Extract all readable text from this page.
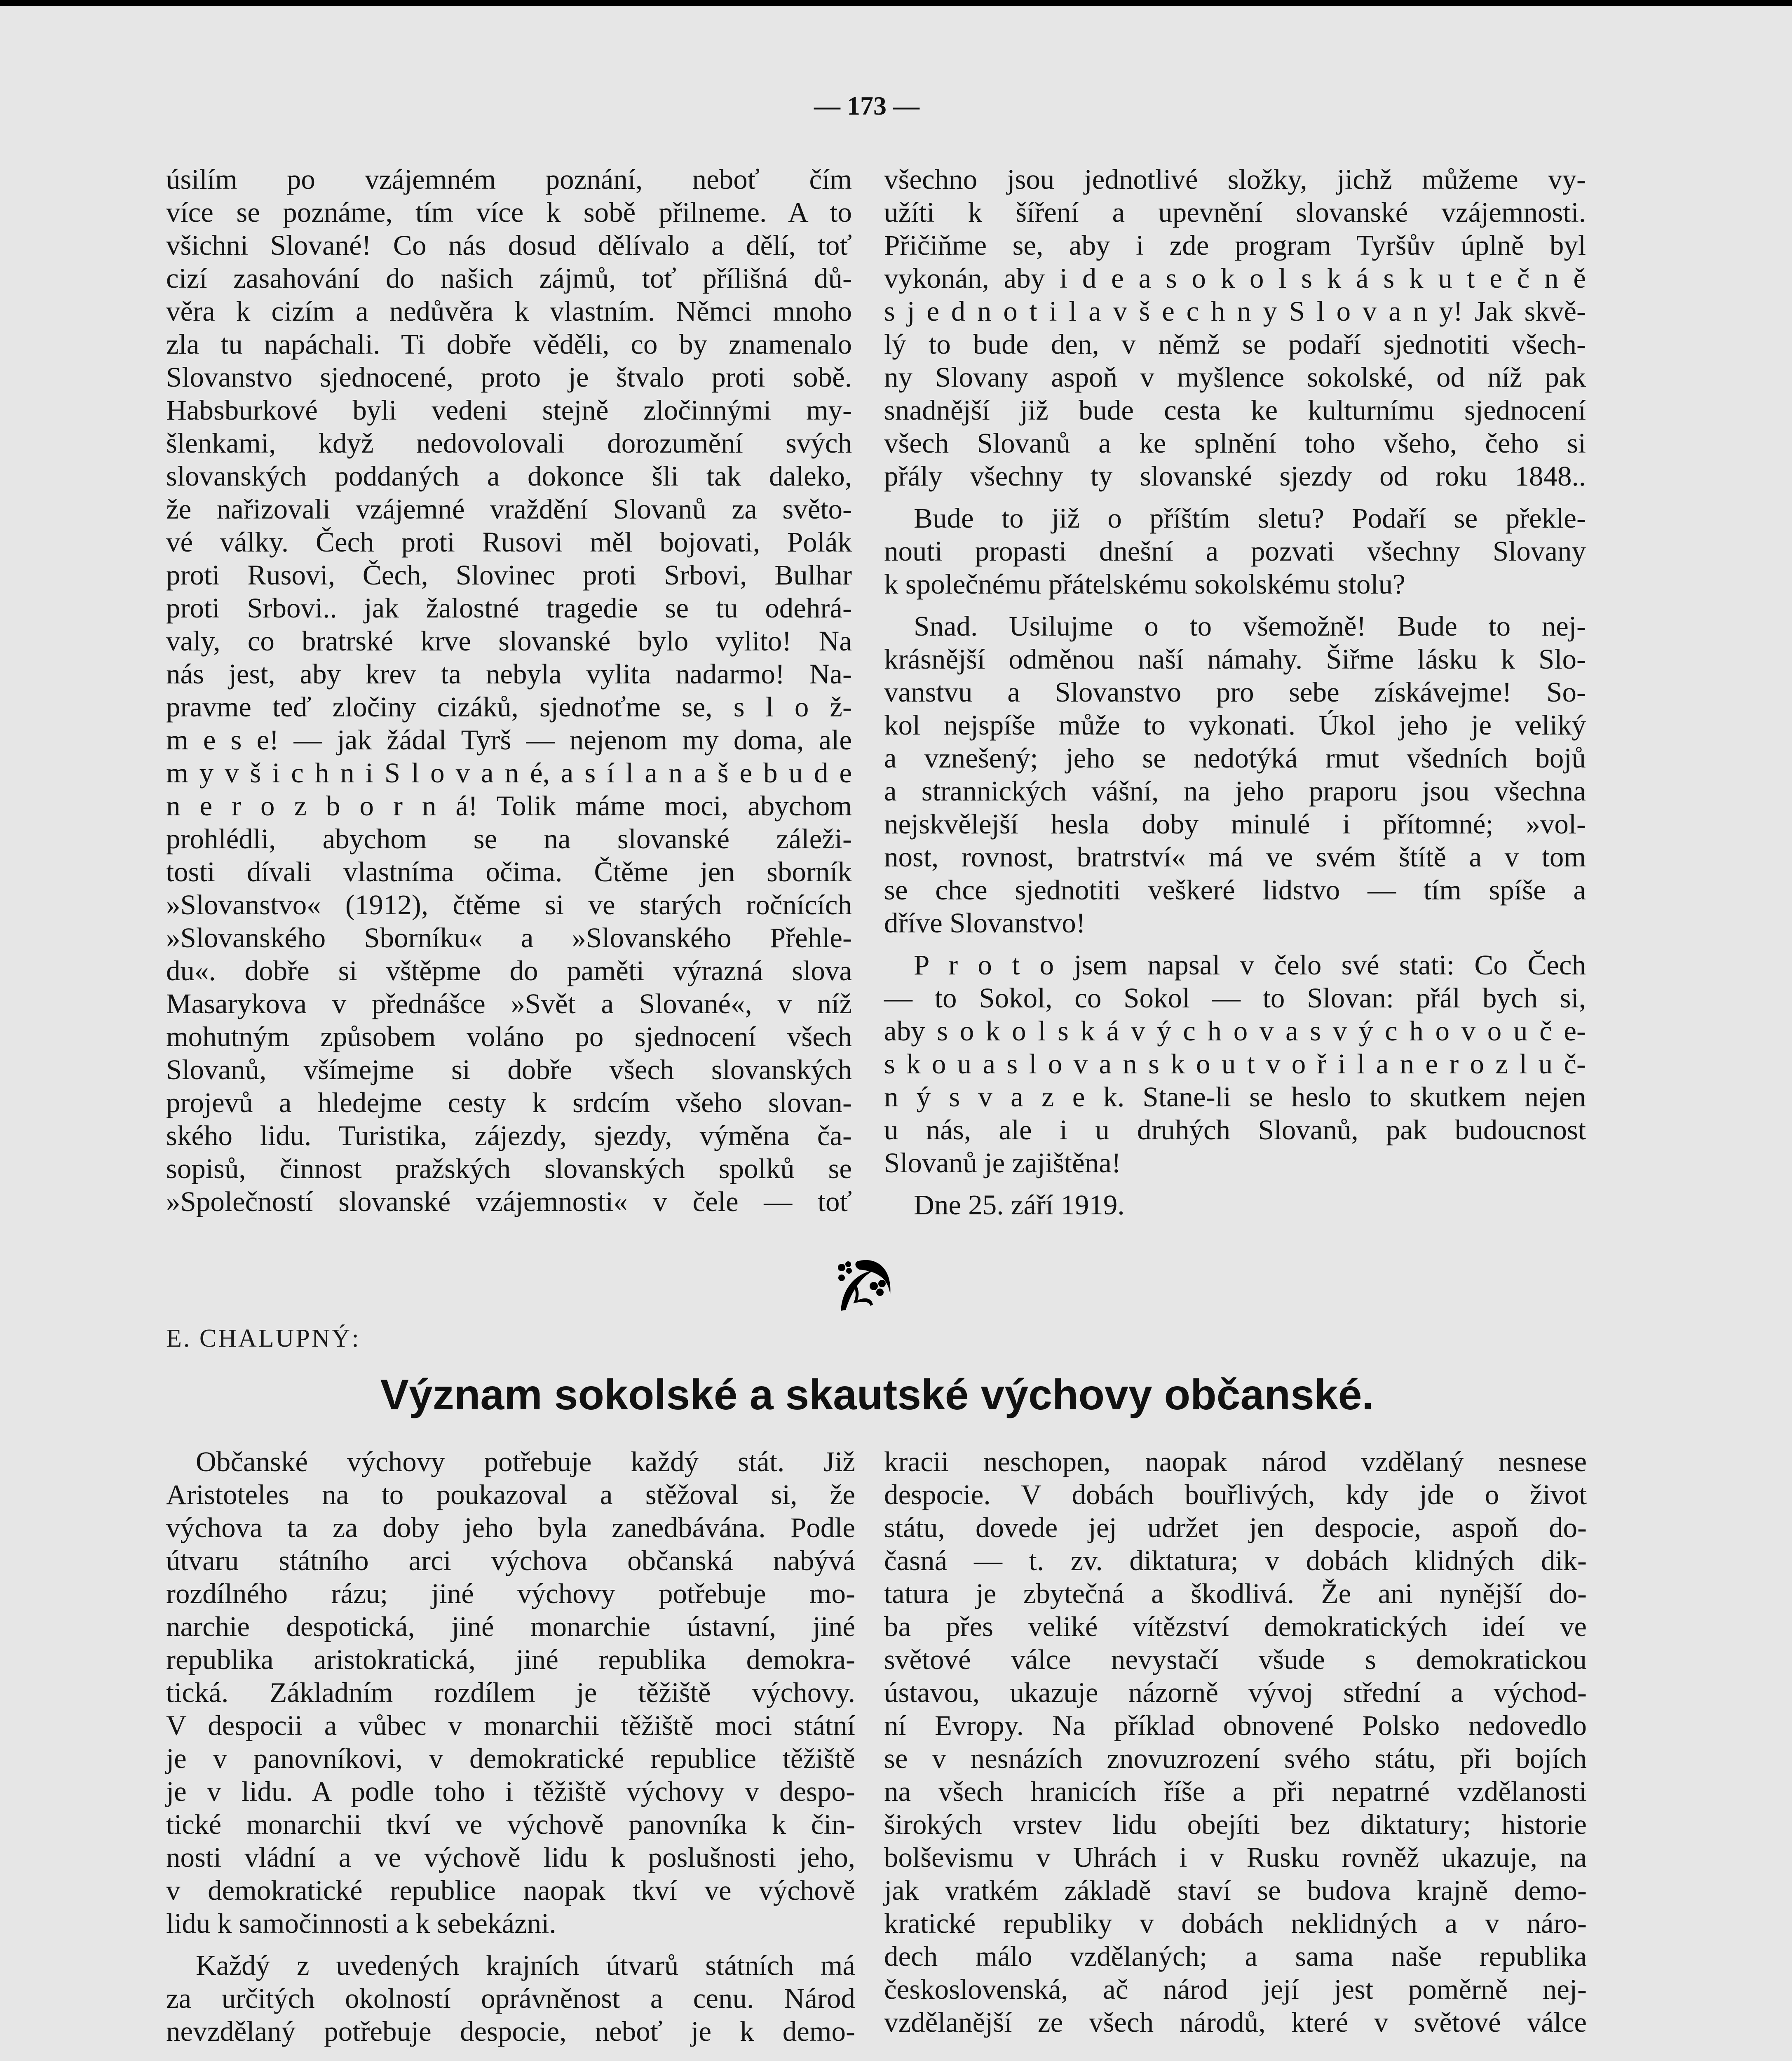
— 173 —
úsilím po vzájemném poznání, neboť čím
více se poznáme, tím více k sobě přilneme. A to
všichni Slované! Co nás dosud dělívalo a dělí, toť
cizí zasahování do našich zájmů, toť přílišná dů-
věra k cizím a nedůvěra k vlastním. Němci mnoho
zla tu napáchali. Ti dobře věděli, co by znamenalo
Slovanstvo sjednocené, proto je štvalo proti sobě.
Habsburkové byli vedeni stejně zločinnými my-
šlenkami, když nedovolovali dorozumění svých
slovanských poddaných a dokonce šli tak daleko,
že nařizovali vzájemné vraždění Slovanů za světo-
vé války. Čech proti Rusovi měl bojovati, Polák
proti Rusovi, Čech, Slovinec proti Srbovi, Bulhar
proti Srbovi.. jak žalostné tragedie se tu odehrá-
valy, co bratrské krve slovanské bylo vylito! Na
nás jest, aby krev ta nebyla vylita nadarmo! Na-
pravme teď zločiny cizáků, sjednoťme se, s l o ž-
m e s e! — jak žádal Tyrš — nejenom my doma, ale
m y v š i c h n i S l o v a n é, a s í l a n a š e b u d e
n e r o z b o r n á! Tolik máme moci, abychom
prohlédli, abychom se na slovanské záleži-
tosti dívali vlastníma očima. Čtěme jen sborník
»Slovanstvo« (1912), čtěme si ve starých ročnících
»Slovanského Sborníku« a »Slovanského Přehle-
du«. dobře si vštěpme do paměti výrazná slova
Masarykova v přednášce »Svět a Slované«, v níž
mohutným způsobem voláno po sjednocení všech
Slovanů, všímejme si dobře všech slovanských
projevů a hledejme cesty k srdcím všeho slovan-
ského lidu. Turistika, zájezdy, sjezdy, výměna ča-
sopisů, činnost pražských slovanských spolků se
»Společností slovanské vzájemnosti« v čele — toť
všechno jsou jednotlivé složky, jichž můžeme vy-
užíti k šíření a upevnění slovanské vzájemnosti.
Přičiňme se, aby i zde program Tyršův úplně byl
vykonán, aby i d e a s o k o l s k á s k u t e č n ě
s j e d n o t i l a v š e c h n y S l o v a n y! Jak skvě-
lý to bude den, v němž se podaří sjednotiti všech-
ny Slovany aspoň v myšlence sokolské, od níž pak
snadnější již bude cesta ke kulturnímu sjednocení
všech Slovanů a ke splnění toho všeho, čeho si
přály všechny ty slovanské sjezdy od roku 1848..
Bude to již o příštím sletu? Podaří se překle-
nouti propasti dnešní a pozvati všechny Slovany
k společnému přátelskému sokolskému stolu?
Snad. Usilujme o to všemožně! Bude to nej-
krásnější odměnou naší námahy. Šiřme lásku k Slo-
vanstvu a Slovanstvo pro sebe získávejme! So-
kol nejspíše může to vykonati. Úkol jeho je veliký
a vznešený; jeho se nedotýká rmut všedních bojů
a strannických vášní, na jeho praporu jsou všechna
nejskvělejší hesla doby minulé i přítomné; »vol-
nost, rovnost, bratrství« má ve svém štítě a v tom
se chce sjednotiti veškeré lidstvo — tím spíše a
dříve Slovanstvo!
P r o t o jsem napsal v čelo své stati: Co Čech
— to Sokol, co Sokol — to Slovan: přál bych si,
aby s o k o l s k á v ý c h o v a s v ý c h o v o u č e-
s k o u a s l o v a n s k o u t v o ř i l a n e r o z l u č-
n ý s v a z e k. Stane-li se heslo to skutkem nejen
u nás, ale i u druhých Slovanů, pak budoucnost
Slovanů je zajištěna!
Dne 25. září 1919.
E. CHALUPNÝ:
Význam sokolské a skautské výchovy občanské.
Občanské výchovy potřebuje každý stát. Již
Aristoteles na to poukazoval a stěžoval si, že
výchova ta za doby jeho byla zanedbávána. Podle
útvaru státního arci výchova občanská nabývá
rozdílného rázu; jiné výchovy potřebuje mo-
narchie despotická, jiné monarchie ústavní, jiné
republika aristokratická, jiné republika demokra-
tická. Základním rozdílem je těžiště výchovy.
V despocii a vůbec v monarchii těžiště moci státní
je v panovníkovi, v demokratické republice těžiště
je v lidu. A podle toho i těžiště výchovy v despo-
tické monarchii tkví ve výchově panovníka k čin-
nosti vládní a ve výchově lidu k poslušnosti jeho,
v demokratické republice naopak tkví ve výchově
lidu k samočinnosti a k sebekázni.
Každý z uvedených krajních útvarů státních má
za určitých okolností oprávněnost a cenu. Národ
nevzdělaný potřebuje despocie, neboť je k demo-
kracii neschopen, naopak národ vzdělaný nesnese
despocie. V dobách bouřlivých, kdy jde o život
státu, dovede jej udržet jen despocie, aspoň do-
časná — t. zv. diktatura; v dobách klidných dik-
tatura je zbytečná a škodlivá. Že ani nynější do-
ba přes veliké vítězství demokratických ideí ve
světové válce nevystačí všude s demokratickou
ústavou, ukazuje názorně vývoj střední a východ-
ní Evropy. Na příklad obnovené Polsko nedovedlo
se v nesnázích znovuzrození svého státu, při bojích
na všech hranicích říše a při nepatrné vzdělanosti
širokých vrstev lidu obejíti bez diktatury; historie
bolševismu v Uhrách i v Rusku rovněž ukazuje, na
jak vratkém základě staví se budova krajně demo-
kratické republiky v dobách neklidných a v náro-
dech málo vzdělaných; a sama naše republika
československá, ač národ její jest poměrně nej-
vzdělanější ze všech národů, které v světové válce
